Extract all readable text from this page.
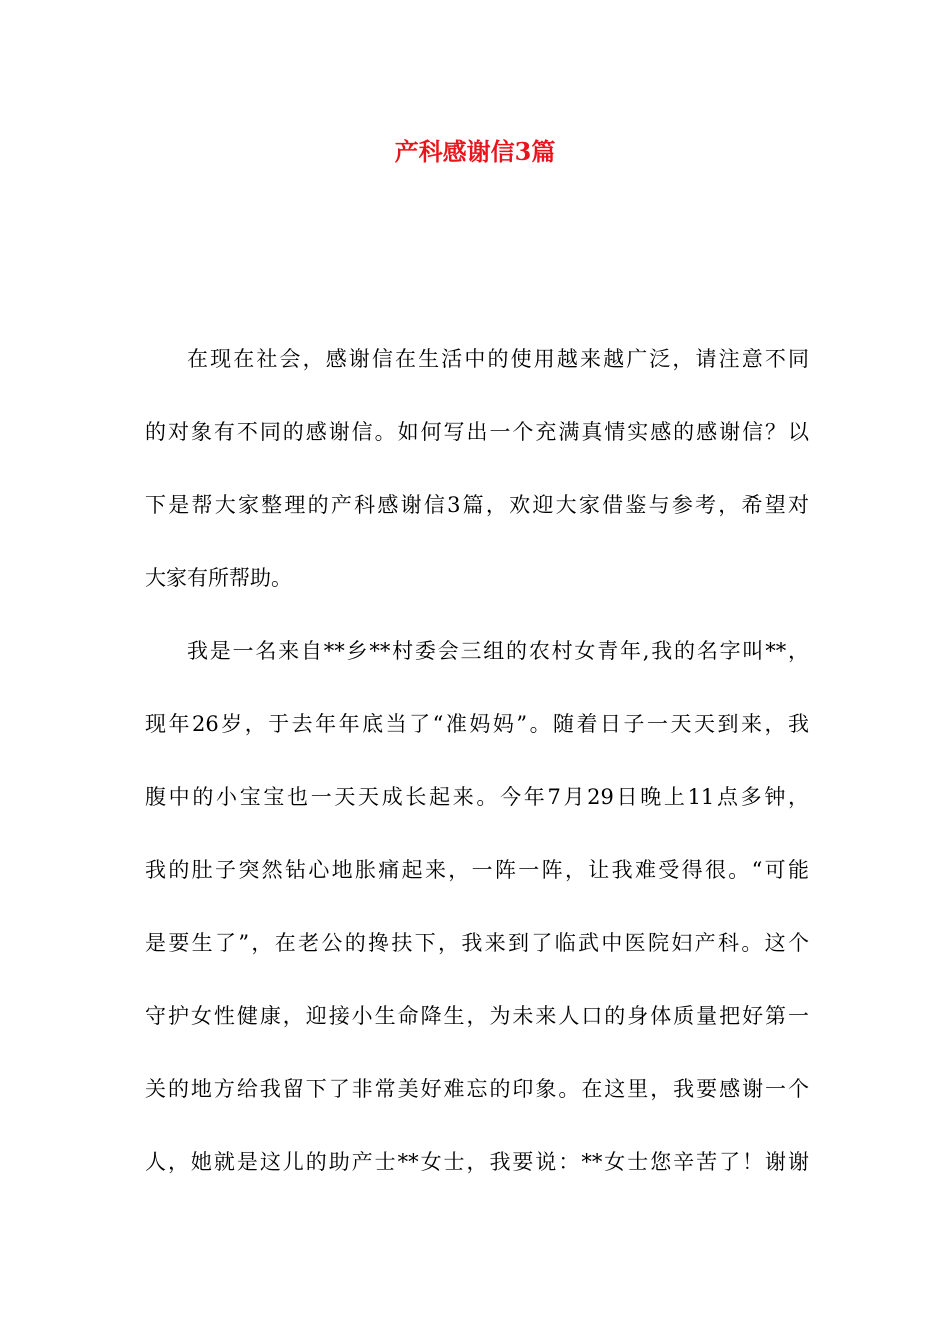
产科感谢信3篇
在现在社会，感谢信在生活中的使用越来越广泛，请注意不同
的对象有不同的感谢信。如何写出一个充满真情实感的感谢信？以
下是帮大家整理的产科感谢信3篇，欢迎大家借鉴与参考，希望对
大家有所帮助。
我是一名来自**乡**村委会三组的农村女青年,我的名字叫**，
现年26岁，于去年年底当了“准妈妈”。随着日子一天天到来，我
腹中的小宝宝也一天天成长起来。今年7月29日晚上11点多钟，
我的肚子突然钻心地胀痛起来，一阵一阵，让我难受得很。“可能
是要生了”，在老公的搀扶下，我来到了临武中医院妇产科。这个
守护女性健康，迎接小生命降生，为未来人口的身体质量把好第一
关的地方给我留下了非常美好难忘的印象。在这里，我要感谢一个
人，她就是这儿的助产士**女士，我要说：**女士您辛苦了！谢谢
